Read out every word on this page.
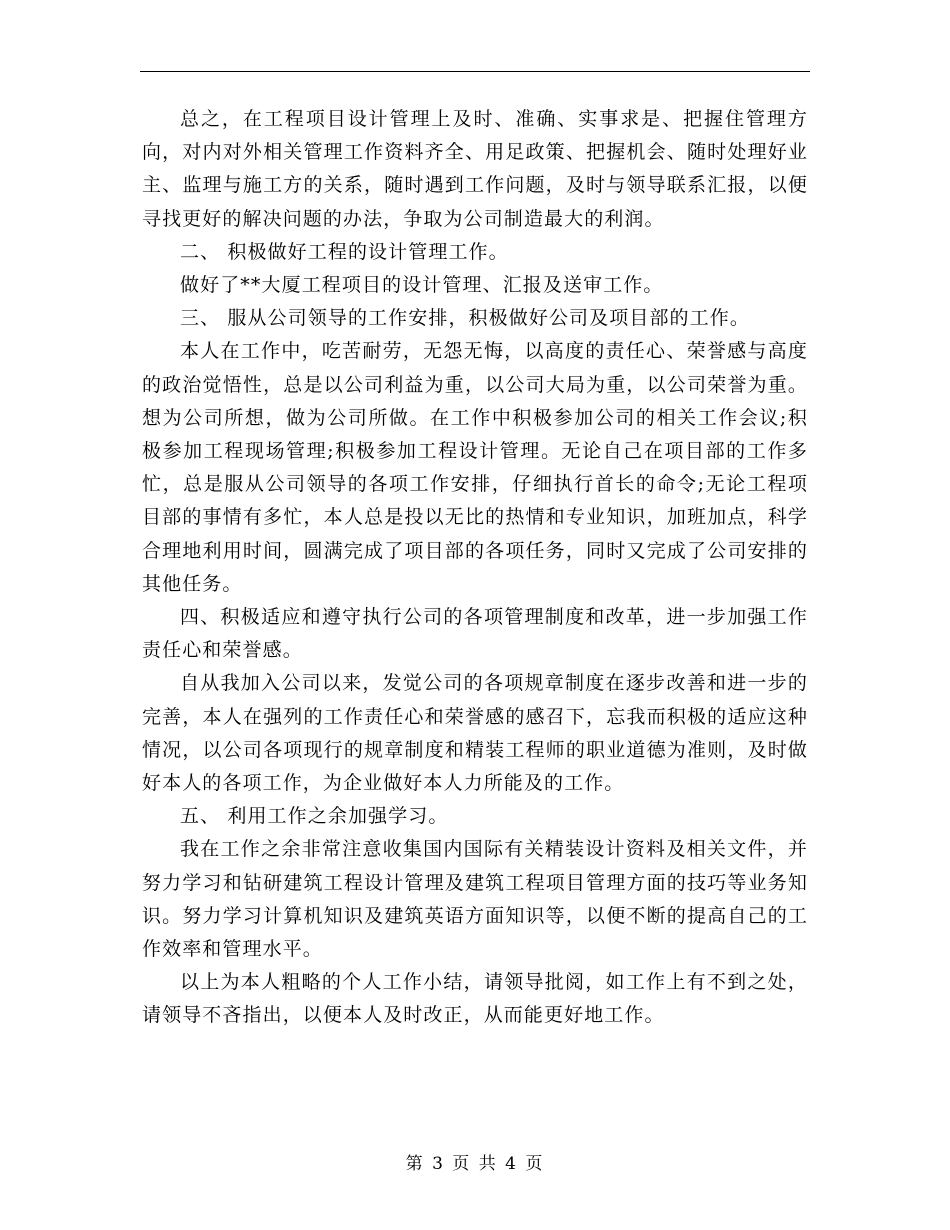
总之，在工程项目设计管理上及时、准确、实事求是、把握住管理方向，对内对外相关管理工作资料齐全、用足政策、把握机会、随时处理好业主、监理与施工方的关系，随时遇到工作问题，及时与领导联系汇报，以便寻找更好的解决问题的办法，争取为公司制造最大的利润。

二、 积极做好工程的设计管理工作。

做好了**大厦工程项目的设计管理、汇报及送审工作。

三、 服从公司领导的工作安排，积极做好公司及项目部的工作。

本人在工作中，吃苦耐劳，无怨无悔，以高度的责任心、荣誉感与高度的政治觉悟性，总是以公司利益为重，以公司大局为重，以公司荣誉为重。想为公司所想，做为公司所做。在工作中积极参加公司的相关工作会议;积极参加工程现场管理;积极参加工程设计管理。无论自己在项目部的工作多忙，总是服从公司领导的各项工作安排，仔细执行首长的命令;无论工程项目部的事情有多忙，本人总是投以无比的热情和专业知识，加班加点，科学合理地利用时间，圆满完成了项目部的各项任务，同时又完成了公司安排的其他任务。

四、积极适应和遵守执行公司的各项管理制度和改革，进一步加强工作责任心和荣誉感。

自从我加入公司以来，发觉公司的各项规章制度在逐步改善和进一步的完善，本人在强列的工作责任心和荣誉感的感召下，忘我而积极的适应这种情况，以公司各项现行的规章制度和精装工程师的职业道德为准则，及时做好本人的各项工作，为企业做好本人力所能及的工作。

五、 利用工作之余加强学习。

我在工作之余非常注意收集国内国际有关精装设计资料及相关文件，并努力学习和钻研建筑工程设计管理及建筑工程项目管理方面的技巧等业务知识。努力学习计算机知识及建筑英语方面知识等，以便不断的提高自己的工作效率和管理水平。

以上为本人粗略的个人工作小结，请领导批阅，如工作上有不到之处，请领导不吝指出，以便本人及时改正，从而能更好地工作。

第 3 页 共 4 页
